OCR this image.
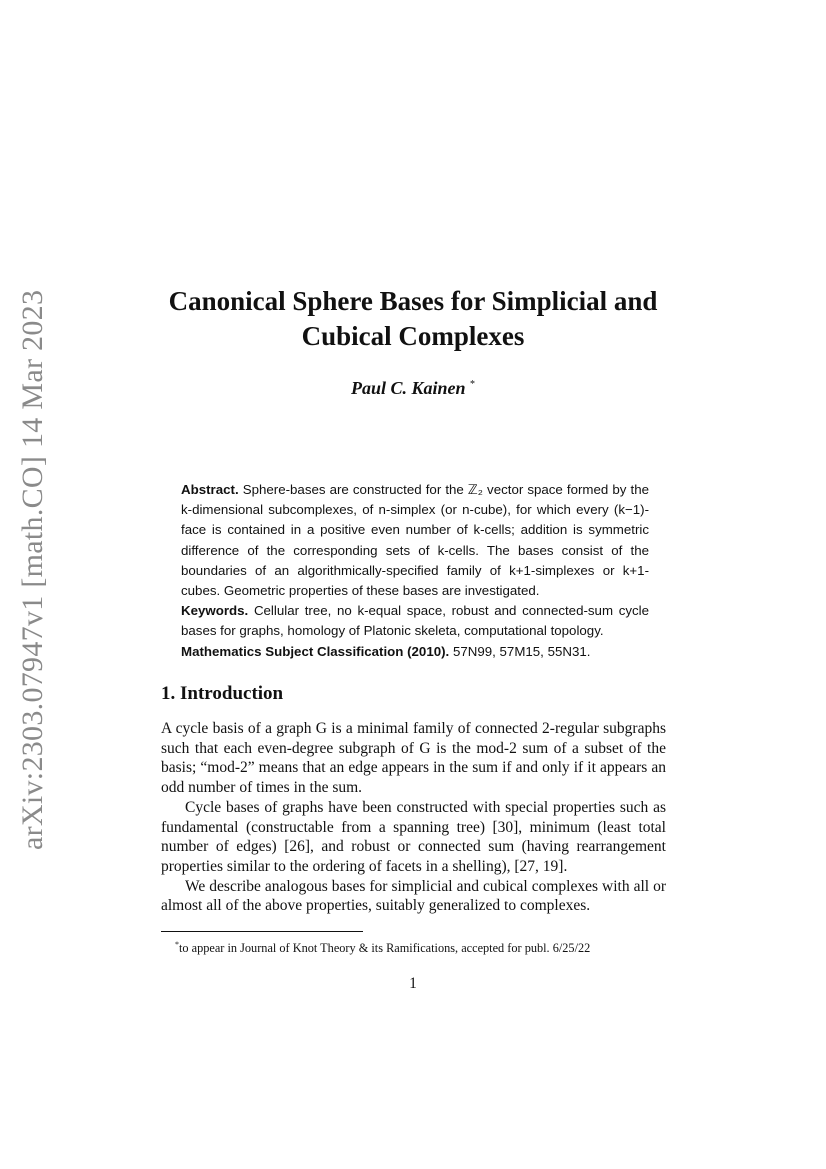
arXiv:2303.07947v1 [math.CO] 14 Mar 2023	Canonical Sphere Bases for Simplicial and Cubical Complexes
Paul C. Kainen *

Abstract. Sphere-bases are constructed for the ℤ₂ vector space formed by the k-dimensional subcomplexes, of n-simplex (or n-cube), for which every (k−1)-face is contained in a positive even number of k-cells; addition is symmetric difference of the corresponding sets of k-cells. The bases consist of the boundaries of an algorithmically-specified family of k+1-simplexes or k+1-cubes. Geometric properties of these bases are investigated.

Keywords. Cellular tree, no k-equal space, robust and connected-sum cycle bases for graphs, homology of Platonic skeleta, computational topology.

Mathematics Subject Classification (2010). 57N99, 57M15, 55N31.

1. Introduction

A cycle basis of a graph G is a minimal family of connected 2-regular subgraphs such that each even-degree subgraph of G is the mod-2 sum of a subset of the basis; “mod-2” means that an edge appears in the sum if and only if it appears an odd number of times in the sum.

Cycle bases of graphs have been constructed with special properties such as fundamental (constructable from a spanning tree) [30], minimum (least total number of edges) [26], and robust or connected sum (having rearrangement properties similar to the ordering of facets in a shelling), [27, 19].

We describe analogous bases for simplicial and cubical complexes with all or almost all of the above properties, suitably generalized to complexes.

*to appear in Journal of Knot Theory & its Ramifications, accepted for publ. 6/25/22
1
